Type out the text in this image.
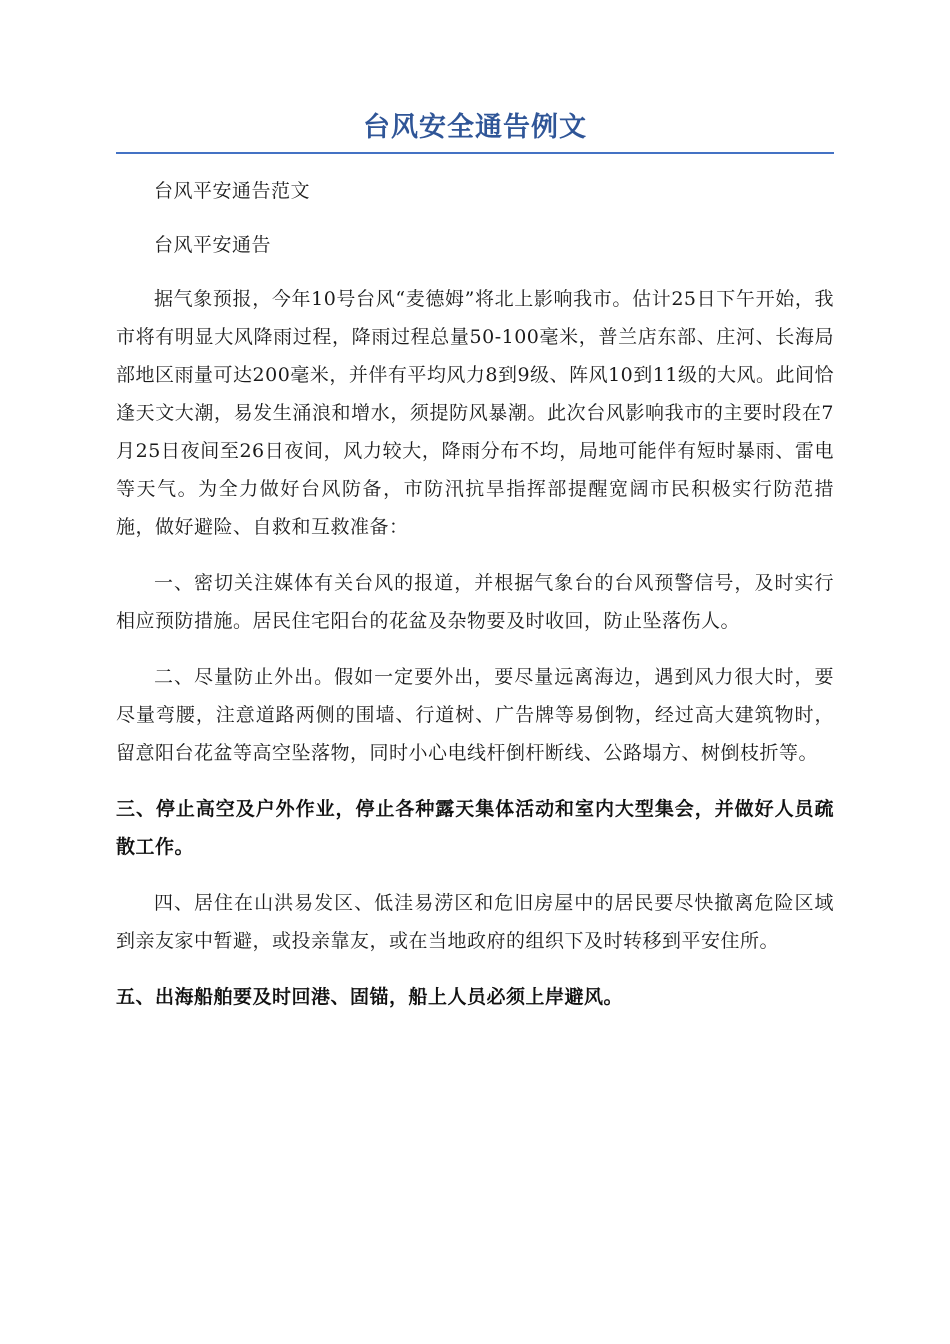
台风安全通告例文

台风平安通告范文

台风平安通告

据气象预报，今年10号台风“麦德姆”将北上影响我市。估计25日下午开始，我市将有明显大风降雨过程，降雨过程总量50-100毫米，普兰店东部、庄河、长海局部地区雨量可达200毫米，并伴有平均风力8到9级、阵风10到11级的大风。此间恰逢天文大潮，易发生涌浪和增水，须提防风暴潮。此次台风影响我市的主要时段在7月25日夜间至26日夜间，风力较大，降雨分布不均，局地可能伴有短时暴雨、雷电等天气。为全力做好台风防备，市防汛抗旱指挥部提醒宽阔市民积极实行防范措施，做好避险、自救和互救准备：

一、密切关注媒体有关台风的报道，并根据气象台的台风预警信号，及时实行相应预防措施。居民住宅阳台的花盆及杂物要及时收回，防止坠落伤人。

二、尽量防止外出。假如一定要外出，要尽量远离海边，遇到风力很大时，要尽量弯腰，注意道路两侧的围墙、行道树、广告牌等易倒物，经过高大建筑物时，留意阳台花盆等高空坠落物，同时小心电线杆倒杆断线、公路塌方、树倒枝折等。

三、停止高空及户外作业，停止各种露天集体活动和室内大型集会，并做好人员疏散工作。

四、居住在山洪易发区、低洼易涝区和危旧房屋中的居民要尽快撤离危险区域到亲友家中暂避，或投亲靠友，或在当地政府的组织下及时转移到平安住所。

五、出海船舶要及时回港、固锚，船上人员必须上岸避风。
